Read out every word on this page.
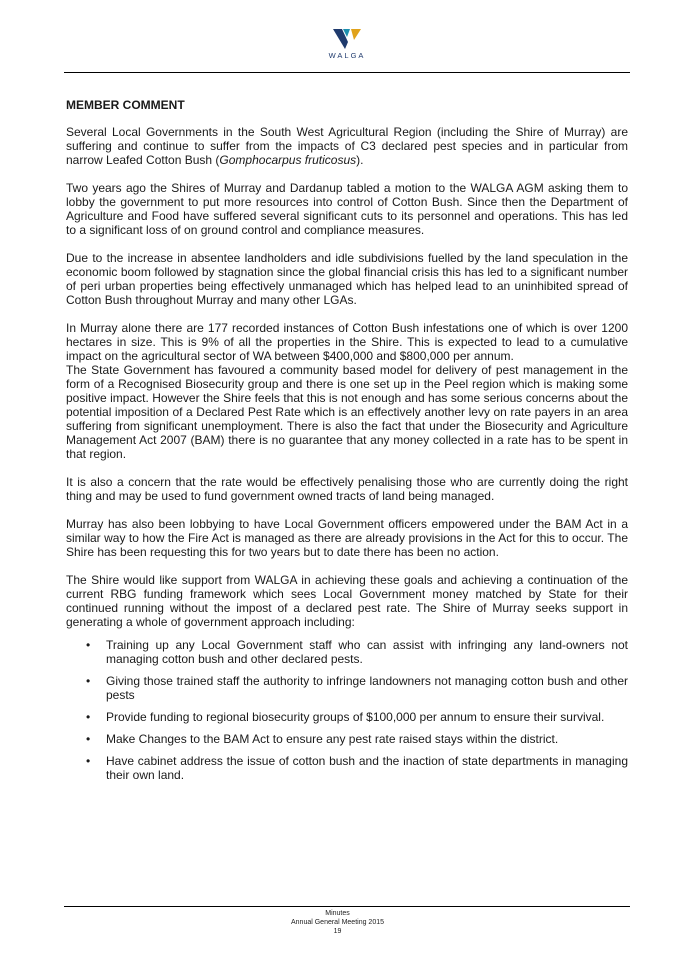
WALGA
MEMBER COMMENT

Several Local Governments in the South West Agricultural Region (including the Shire of Murray) are suffering and continue to suffer from the impacts of C3 declared pest species and in particular from narrow Leafed Cotton Bush (Gomphocarpus fruticosus).

Two years ago the Shires of Murray and Dardanup tabled a motion to the WALGA AGM asking them to lobby the government to put more resources into control of Cotton Bush. Since then the Department of Agriculture and Food have suffered several significant cuts to its personnel and operations. This has led to a significant loss of on ground control and compliance measures.

Due to the increase in absentee landholders and idle subdivisions fuelled by the land speculation in the economic boom followed by stagnation since the global financial crisis this has led to a significant number of peri urban properties being effectively unmanaged which has helped lead to an uninhibited spread of Cotton Bush throughout Murray and many other LGAs.

In Murray alone there are 177 recorded instances of Cotton Bush infestations one of which is over 1200 hectares in size. This is 9% of all the properties in the Shire. This is expected to lead to a cumulative impact on the agricultural sector of WA between $400,000 and $800,000 per annum.

The State Government has favoured a community based model for delivery of pest management in the form of a Recognised Biosecurity group and there is one set up in the Peel region which is making some positive impact. However the Shire feels that this is not enough and has some serious concerns about the potential imposition of a Declared Pest Rate which is an effectively another levy on rate payers in an area suffering from significant unemployment. There is also the fact that under the Biosecurity and Agriculture Management Act 2007 (BAM) there is no guarantee that any money collected in a rate has to be spent in that region.

It is also a concern that the rate would be effectively penalising those who are currently doing the right thing and may be used to fund government owned tracts of land being managed.

Murray has also been lobbying to have Local Government officers empowered under the BAM Act in a similar way to how the Fire Act is managed as there are already provisions in the Act for this to occur. The Shire has been requesting this for two years but to date there has been no action.

The Shire would like support from WALGA in achieving these goals and achieving a continuation of the current RBG funding framework which sees Local Government money matched by State for their continued running without the impost of a declared pest rate. The Shire of Murray seeks support in generating a whole of government approach including:

• Training up any Local Government staff who can assist with infringing any land-owners not managing cotton bush and other declared pests.
• Giving those trained staff the authority to infringe landowners not managing cotton bush and other pests
• Provide funding to regional biosecurity groups of $100,000 per annum to ensure their survival.
• Make Changes to the BAM Act to ensure any pest rate raised stays within the district.
• Have cabinet address the issue of cotton bush and the inaction of state departments in managing their own land.
Minutes
Annual General Meeting 2015
19
